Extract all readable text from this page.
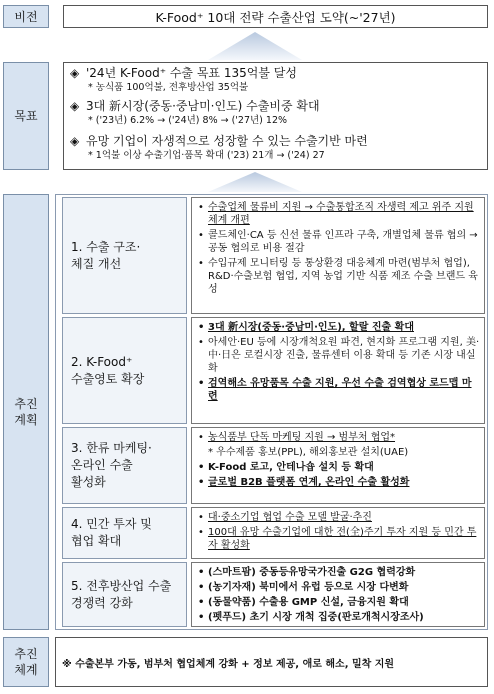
비전	K-Food⁺ 10대 전략 수출산업 도약(~'27년)
목표
◈ '24년 K-Food⁺ 수출 목표 135억불 달성
* 농식품 100억불, 전후방산업 35억불
◈ 3대 新시장(중동·중남미·인도) 수출비중 확대
* ('23년) 6.2% → ('24년) 8% → ('27년) 12%
◈ 유망 기업이 자생적으로 성장할 수 있는 수출기반 마련
* 1억불 이상 수출기업·품목 확대 ('23) 21개 → ('24) 27
추진
계획
1. 수출 구조·
체질 개선
• 수출업체 물류비 지원 → 수출통합조직 자생력 제고 위주 지원체계 개편
• 콜드체인·CA 등 신선 물류 인프라 구축, 개별업체 물류 협의 → 공동 협의로 비용 절감
• 수입규제 모니터링 등 통상환경 대응체계 마련(범부처 협업), R&D·수출보험 협업, 지역 농업 기반 식품 제조 수출 브랜드 육성
2. K-Food⁺
수출영토 확장
• 3대 新시장(중동·중남미·인도), 할랄 진출 확대
• 아세안·EU 등에 시장개척요원 파견, 현지화 프로그램 지원, 美·中·日은 로컬시장 진출, 물류센터 이용 확대 등 기존 시장 내실화
• 검역해소 유망품목 수출 지원, 우선 수출 검역협상 로드맵 마련
3. 한류 마케팅·
온라인 수출
활성화
• 농식품부 단독 마케팅 지원 → 범부처 협업*
* 우수제품 홍보(PPL), 해외홍보관 설치(UAE)
• K-Food 로고, 안테나숍 설치 등 확대
• 글로벌 B2B 플랫폼 연계, 온라인 수출 활성화
4. 민간 투자 및
협업 확대
• 대·중소기업 협업 수출 모델 발굴·추진
• 100대 유망 수출기업에 대한 전(全)주기 투자 지원 등 민간 투자 활성화
5. 전후방산업 수출
경쟁력 강화
• (스마트팜) 중동등유망국가진출 G2G 협력강화
• (농기자재) 북미에서 유럽 등으로 시장 다변화
• (동물약품) 수출용 GMP 신설, 금융지원 확대
• (펫푸드) 초기 시장 개척 집중(판로개척시장조사)
추진
체계	※ 수출본부 가동, 범부처 협업체계 강화 + 정보 제공, 애로 해소, 밀착 지원
